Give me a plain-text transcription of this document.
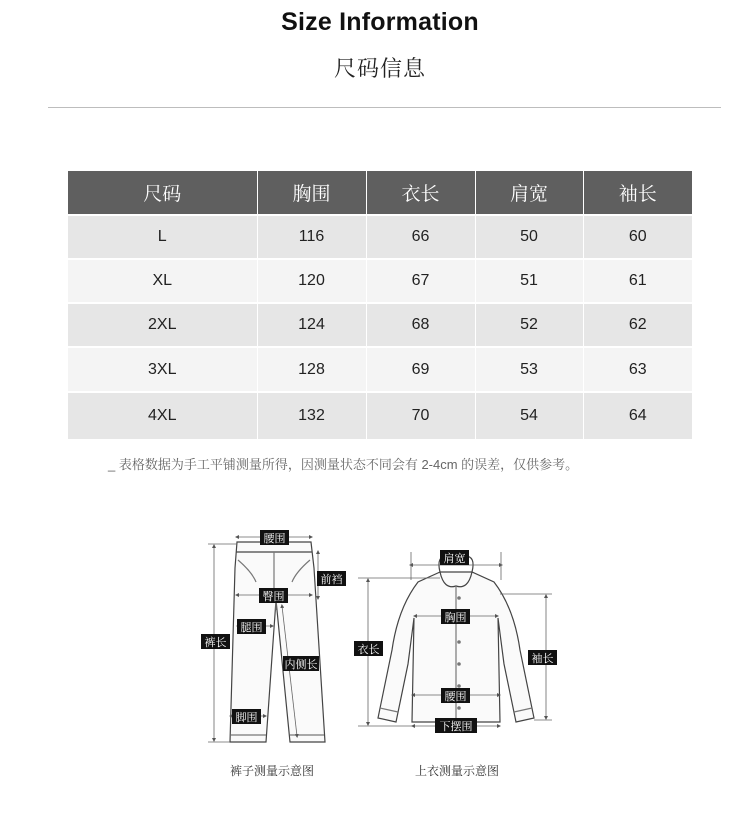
Size Information
尺码信息
尺码	胸围	衣长	肩宽	袖长
L	116	66	50	60
XL	120	67	51	61
2XL	124	68	52	62
3XL	128	69	53	63
4XL	132	70	54	64
_ 表格数据为手工平铺测量所得，因测量状态不同会有 2-4cm 的误差，仅供参考。
腰围
前裆
臀围
腿围
裤长
内侧长
脚围
肩宽
衣长
胸围
袖长
腰围
下摆围
裤子测量示意图	上衣测量示意图
